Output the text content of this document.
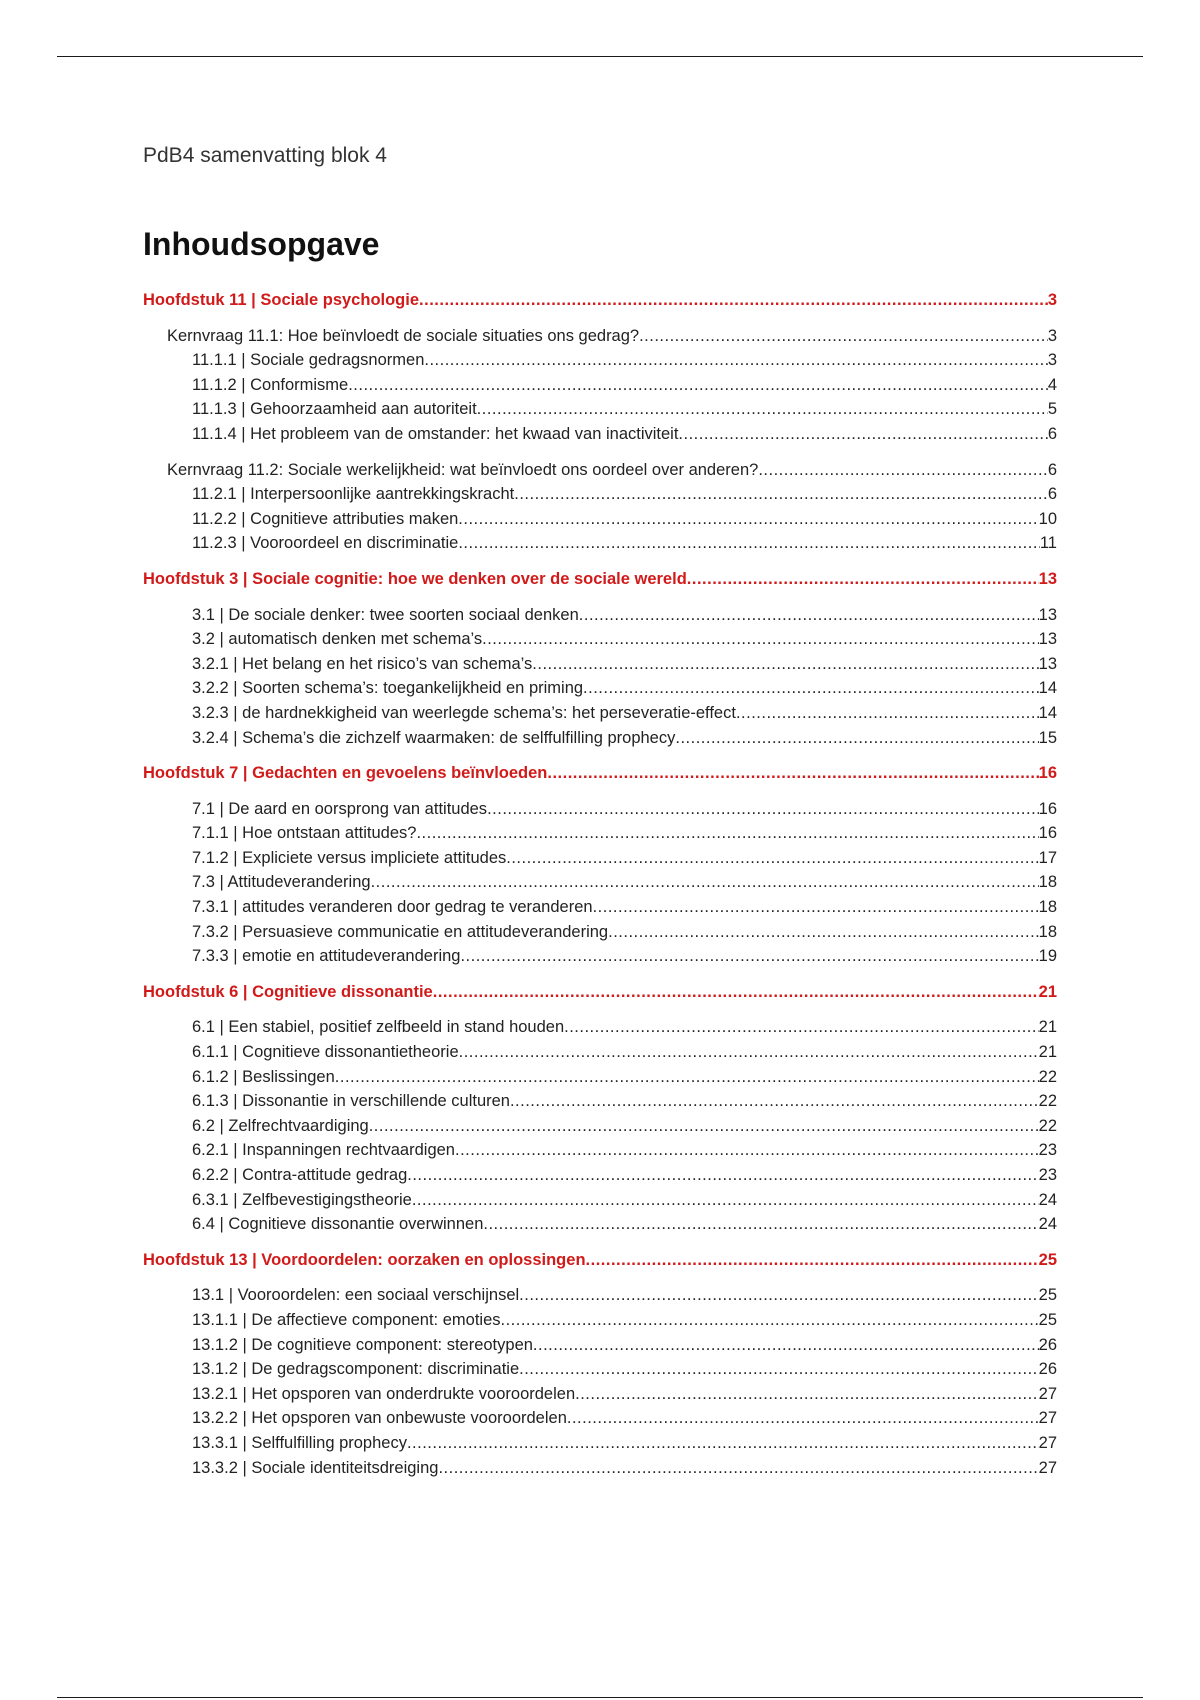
PdB4 samenvatting blok 4
Inhoudsopgave
Hoofdstuk 11 | Sociale psychologie .....	3
Kernvraag 11.1: Hoe beïnvloedt de sociale situaties ons gedrag? .....	3
11.1.1 | Sociale gedragsnormen .....	3
11.1.2 | Conformisme .....	4
11.1.3 | Gehoorzaamheid aan autoriteit .....	5
11.1.4 | Het probleem van de omstander: het kwaad van inactiviteit .....	6
Kernvraag 11.2: Sociale werkelijkheid: wat beïnvloedt ons oordeel over anderen? .....	6
11.2.1 | Interpersoonlijke aantrekkingskracht .....	6
11.2.2 | Cognitieve attributies maken .....	10
11.2.3 | Vooroordeel en discriminatie .....	11
Hoofdstuk 3 | Sociale cognitie: hoe we denken over de sociale wereld .....	13
3.1 | De sociale denker: twee soorten sociaal denken .....	13
3.2 | automatisch denken met schema’s .....	13
3.2.1 | Het belang en het risico’s van schema’s .....	13
3.2.2 | Soorten schema’s: toegankelijkheid en priming .....	14
3.2.3 | de hardnekkigheid van weerlegde schema’s: het perseveratie-effect .....	14
3.2.4 | Schema’s die zichzelf waarmaken: de selffulfilling prophecy .....	15
Hoofdstuk 7 | Gedachten en gevoelens beïnvloeden .....	16
7.1 | De aard en oorsprong van attitudes .....	16
7.1.1 | Hoe ontstaan attitudes? .....	16
7.1.2 | Expliciete versus impliciete attitudes .....	17
7.3 | Attitudeverandering .....	18
7.3.1 | attitudes veranderen door gedrag te veranderen .....	18
7.3.2 | Persuasieve communicatie en attitudeverandering .....	18
7.3.3 | emotie en attitudeverandering .....	19
Hoofdstuk 6 | Cognitieve dissonantie .....	21
6.1 | Een stabiel, positief zelfbeeld in stand houden .....	21
6.1.1 | Cognitieve dissonantietheorie .....	21
6.1.2 | Beslissingen .....	22
6.1.3 | Dissonantie in verschillende culturen .....	22
6.2 | Zelfrechtvaardiging .....	22
6.2.1 | Inspanningen rechtvaardigen .....	23
6.2.2 | Contra-attitude gedrag .....	23
6.3.1 | Zelfbevestigingstheorie .....	24
6.4 | Cognitieve dissonantie overwinnen .....	24
Hoofdstuk 13 | Voordoordelen: oorzaken en oplossingen .....	25
13.1 | Vooroordelen: een sociaal verschijnsel .....	25
13.1.1 | De affectieve component: emoties .....	25
13.1.2 | De cognitieve component: stereotypen .....	26
13.1.2 | De gedragscomponent: discriminatie .....	26
13.2.1 | Het opsporen van onderdrukte vooroordelen .....	27
13.2.2 | Het opsporen van onbewuste vooroordelen .....	27
13.3.1 | Selffulfilling prophecy .....	27
13.3.2 | Sociale identiteitsdreiging .....	27
